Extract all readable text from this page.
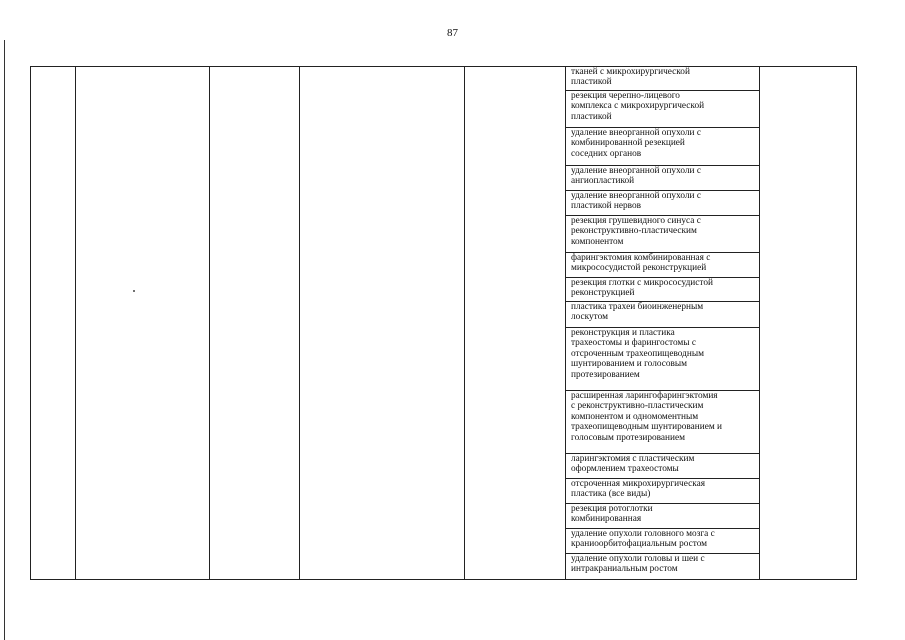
87
тканей с микрохирургической
пластикой
резекция черепно-лицевого
комплекса с микрохирургической
пластикой
удаление внеорганной опухоли с
комбинированной резекцией
соседних органов
удаление внеорганной опухоли с
ангиопластикой
удаление внеорганной опухоли с
пластикой нервов
резекция грушевидного синуса с
реконструктивно-пластическим
компонентом
фарингэктомия комбинированная с
микрососудистой реконструкцией
резекция глотки с микрососудистой
реконструкцией
пластика трахеи биоинженерным
лоскутом
реконструкция и пластика
трахеостомы и фарингостомы с
отсроченным трахеопищеводным
шунтированием и голосовым
протезированием
расширенная ларингофарингэктомия
с реконструктивно-пластическим
компонентом и одномоментным
трахеопищеводным шунтированием и
голосовым протезированием
ларингэктомия с пластическим
оформлением трахеостомы
отсроченная микрохирургическая
пластика (все виды)
резекция ротоглотки
комбинированная
удаление опухоли головного мозга с
краниоорбитофациальным ростом
удаление опухоли головы и шеи с
интракраниальным ростом
